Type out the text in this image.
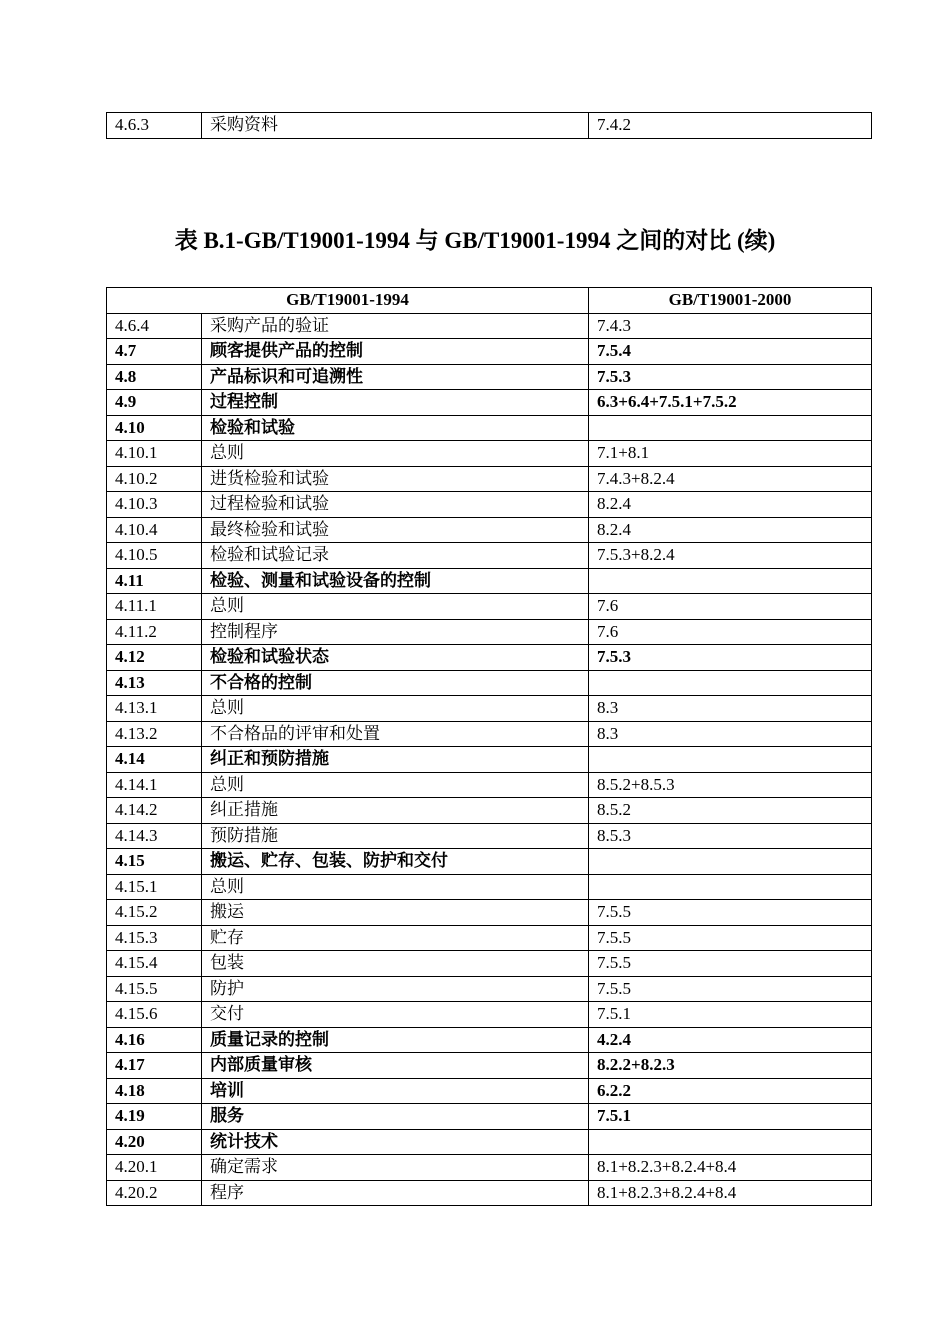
4.6.3	采购资料	7.4.2
表 B.1-GB/T19001-1994 与 GB/T19001-1994 之间的对比 (续)
GB/T19001-1994		GB/T19001-2000
4.6.4	采购产品的验证	7.4.3
4.7	顾客提供产品的控制	7.5.4
4.8	产品标识和可追溯性	7.5.3
4.9	过程控制	6.3+6.4+7.5.1+7.5.2
4.10	检验和试验	
4.10.1	总则	7.1+8.1
4.10.2	进货检验和试验	7.4.3+8.2.4
4.10.3	过程检验和试验	8.2.4
4.10.4	最终检验和试验	8.2.4
4.10.5	检验和试验记录	7.5.3+8.2.4
4.11	检验、测量和试验设备的控制	
4.11.1	总则	7.6
4.11.2	控制程序	7.6
4.12	检验和试验状态	7.5.3
4.13	不合格的控制	
4.13.1	总则	8.3
4.13.2	不合格品的评审和处置	8.3
4.14	纠正和预防措施	
4.14.1	总则	8.5.2+8.5.3
4.14.2	纠正措施	8.5.2
4.14.3	预防措施	8.5.3
4.15	搬运、贮存、包装、防护和交付	
4.15.1	总则	
4.15.2	搬运	7.5.5
4.15.3	贮存	7.5.5
4.15.4	包装	7.5.5
4.15.5	防护	7.5.5
4.15.6	交付	7.5.1
4.16	质量记录的控制	4.2.4
4.17	内部质量审核	8.2.2+8.2.3
4.18	培训	6.2.2
4.19	服务	7.5.1
4.20	统计技术	
4.20.1	确定需求	8.1+8.2.3+8.2.4+8.4
4.20.2	程序	8.1+8.2.3+8.2.4+8.4
